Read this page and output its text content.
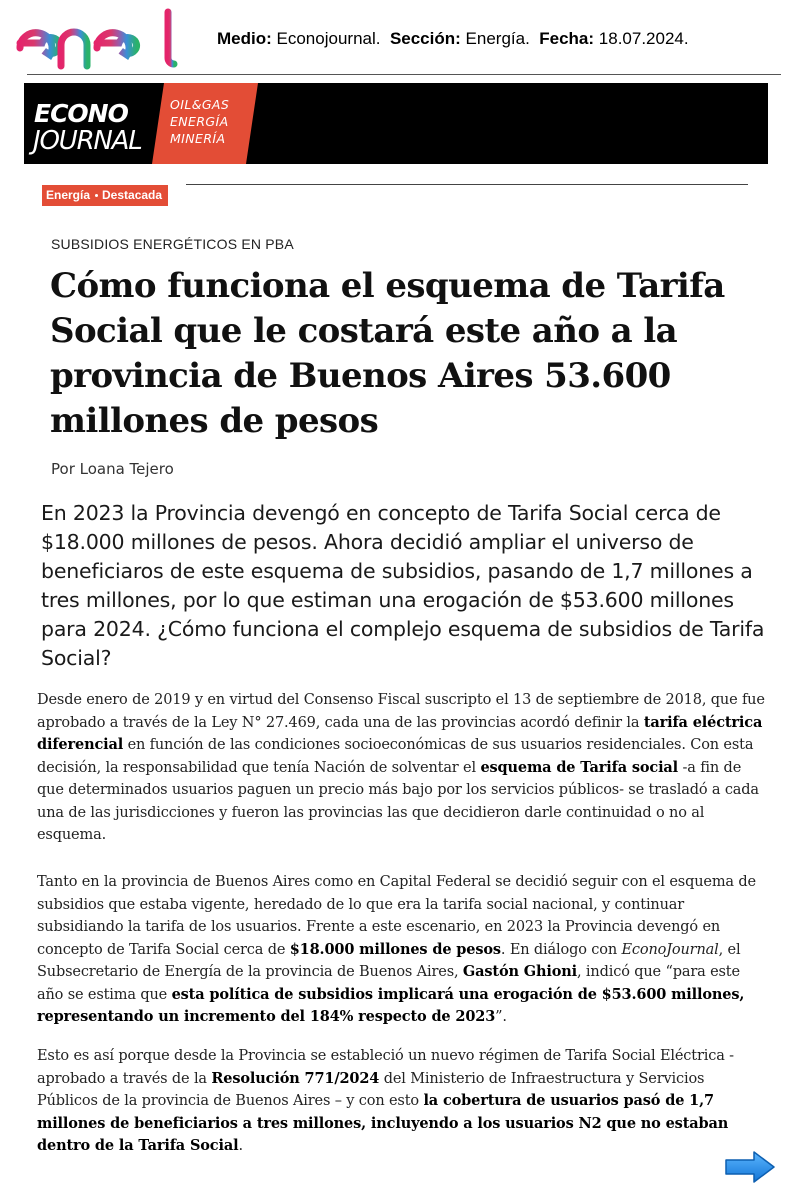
Medio: Econojournal. Sección: Energía. Fecha: 18.07.2024.
ECONO
JOURNAL
OIL&GAS
ENERGÍA
MINERÍA
Energía Destacada
SUBSIDIOS ENERGÉTICOS EN PBA
Cómo funciona el esquema de Tarifa Social que le costará este año a la provincia de Buenos Aires 53.600 millones de pesos
Por Loana Tejero

En 2023 la Provincia devengó en concepto de Tarifa Social cerca de $18.000 millones de pesos. Ahora decidió ampliar el universo de beneficiaros de este esquema de subsidios, pasando de 1,7 millones a tres millones, por lo que estiman una erogación de $53.600 millones para 2024. ¿Cómo funciona el complejo esquema de subsidios de Tarifa Social?

Desde enero de 2019 y en virtud del Consenso Fiscal suscripto el 13 de septiembre de 2018, que fue aprobado a través de la Ley N° 27.469, cada una de las provincias acordó definir la tarifa eléctrica diferencial en función de las condiciones socioeconómicas de sus usuarios residenciales. Con esta decisión, la responsabilidad que tenía Nación de solventar el esquema de Tarifa social -a fin de que determinados usuarios paguen un precio más bajo por los servicios públicos- se trasladó a cada una de las jurisdicciones y fueron las provincias las que decidieron darle continuidad o no al esquema.

Tanto en la provincia de Buenos Aires como en Capital Federal se decidió seguir con el esquema de subsidios que estaba vigente, heredado de lo que era la tarifa social nacional, y continuar subsidiando la tarifa de los usuarios. Frente a este escenario, en 2023 la Provincia devengó en concepto de Tarifa Social cerca de $18.000 millones de pesos. En diálogo con EconoJournal, el Subsecretario de Energía de la provincia de Buenos Aires, Gastón Ghioni, indicó que “para este año se estima que esta política de subsidios implicará una erogación de $53.600 millones, representando un incremento del 184% respecto de 2023”.

Esto es así porque desde la Provincia se estableció un nuevo régimen de Tarifa Social Eléctrica -aprobado a través de la Resolución 771/2024 del Ministerio de Infraestructura y Servicios Públicos de la provincia de Buenos Aires – y con esto la cobertura de usuarios pasó de 1,7 millones de beneficiarios a tres millones, incluyendo a los usuarios N2 que no estaban dentro de la Tarifa Social.
